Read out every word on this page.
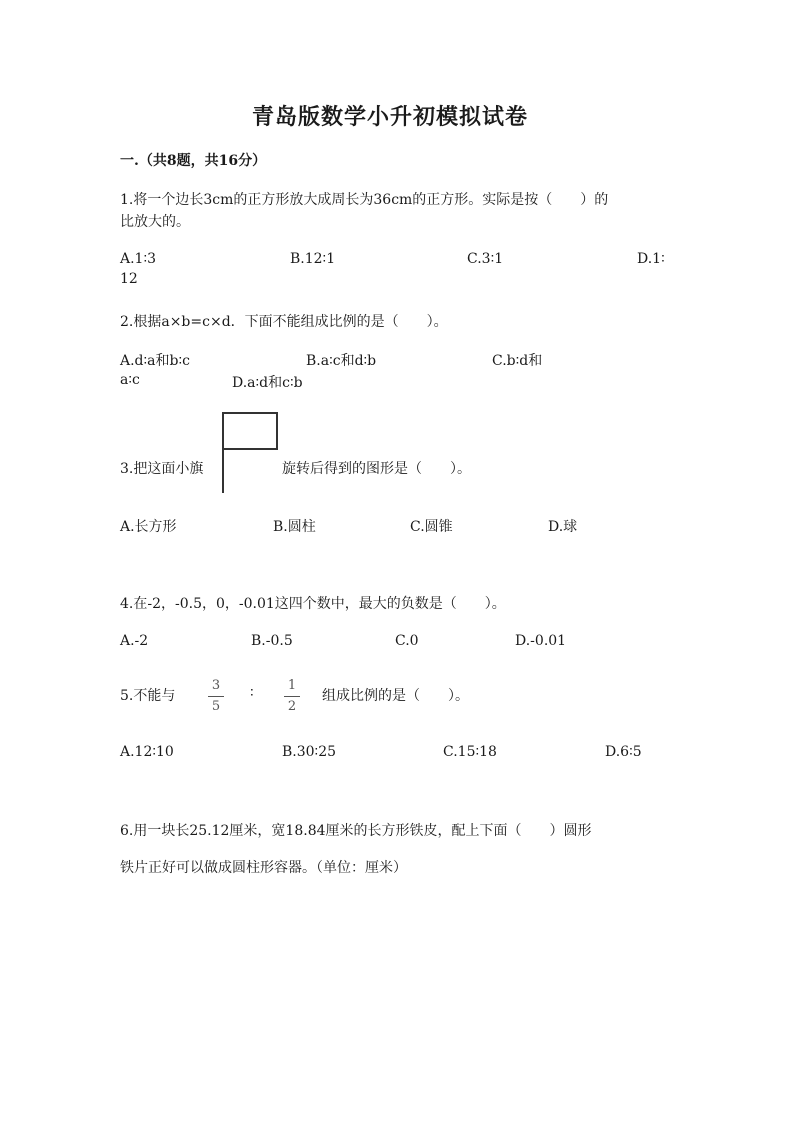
青岛版数学小升初模拟试卷
一.（共8题，共16分）
1.将一个边长3cm的正方形放大成周长为36cm的正方形。实际是按（　　）的
比放大的。
A.1∶3	B.12∶1	C.3∶1	D.1∶
12
2.根据a×b=c×d．下面不能组成比例的是（　　）。
A.d∶a和b∶c	B.a∶c和d∶b	C.b∶d和
a∶c	D.a∶d和c∶b
3.把这面小旗	旋转后得到的图形是（　　）。
A.长方形	B.圆柱	C.圆锥	D.球
4.在-2，-0.5，0，-0.01这四个数中，最大的负数是（　　）。
A.-2	B.-0.5	C.0	D.-0.01
5.不能与
3
5
∶	1
2
组成比例的是（　　）。
A.12∶10	B.30∶25	C.15∶18	D.6∶5
6.用一块长25.12厘米，宽18.84厘米的长方形铁皮，配上下面（　　）圆形
铁片正好可以做成圆柱形容器。（单位：厘米）
